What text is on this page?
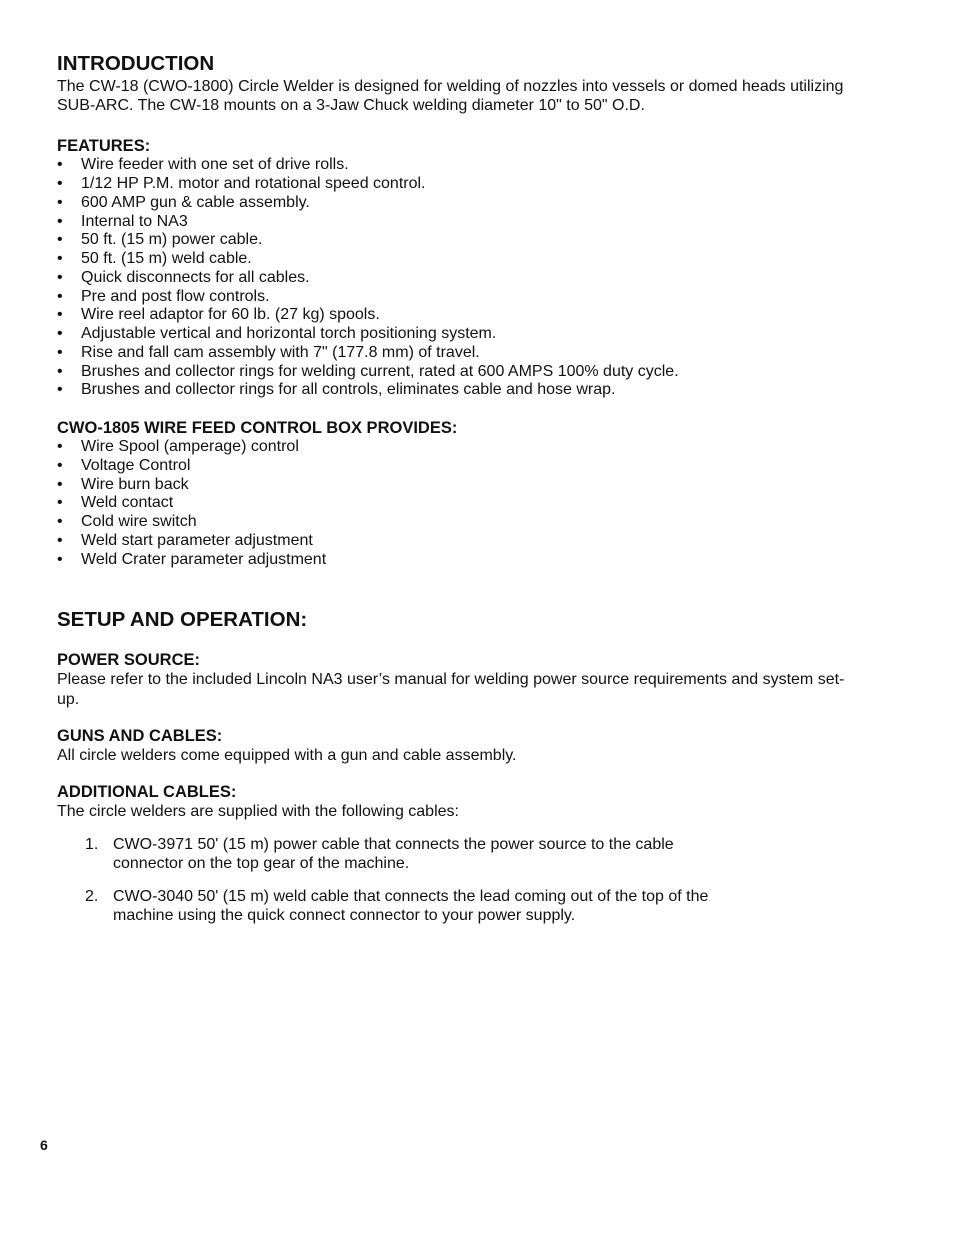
INTRODUCTION

The CW-18 (CWO-1800) Circle Welder is designed for welding of nozzles into vessels or domed heads utilizing SUB-ARC. The CW-18 mounts on a 3-Jaw Chuck welding diameter 10" to 50" O.D.

FEATURES:
• Wire feeder with one set of drive rolls.
• 1/12 HP P.M. motor and rotational speed control.
• 600 AMP gun & cable assembly.
• Internal to NA3
• 50 ft. (15 m) power cable.
• 50 ft. (15 m) weld cable.
• Quick disconnects for all cables.
• Pre and post flow controls.
• Wire reel adaptor for 60 lb. (27 kg) spools.
• Adjustable vertical and horizontal torch positioning system.
• Rise and fall cam assembly with 7" (177.8 mm) of travel.
• Brushes and collector rings for welding current, rated at 600 AMPS 100% duty cycle.
• Brushes and collector rings for all controls, eliminates cable and hose wrap.
CWO-1805 WIRE FEED CONTROL BOX PROVIDES:
• Wire Spool (amperage) control
• Voltage Control
• Wire burn back
• Weld contact
• Cold wire switch
• Weld start parameter adjustment
• Weld Crater parameter adjustment
SETUP AND OPERATION:
POWER SOURCE:

Please refer to the included Lincoln NA3 user’s manual for welding power source requirements and system set-up.

GUNS AND CABLES:

All circle welders come equipped with a gun and cable assembly.

ADDITIONAL CABLES:

The circle welders are supplied with the following cables:

1. CWO-3971 50' (15 m) power cable that connects the power source to the cable
connector on the top gear of the machine.
2. CWO-3040 50' (15 m) weld cable that connects the lead coming out of the top of the
machine using the quick connect connector to your power supply.
6
